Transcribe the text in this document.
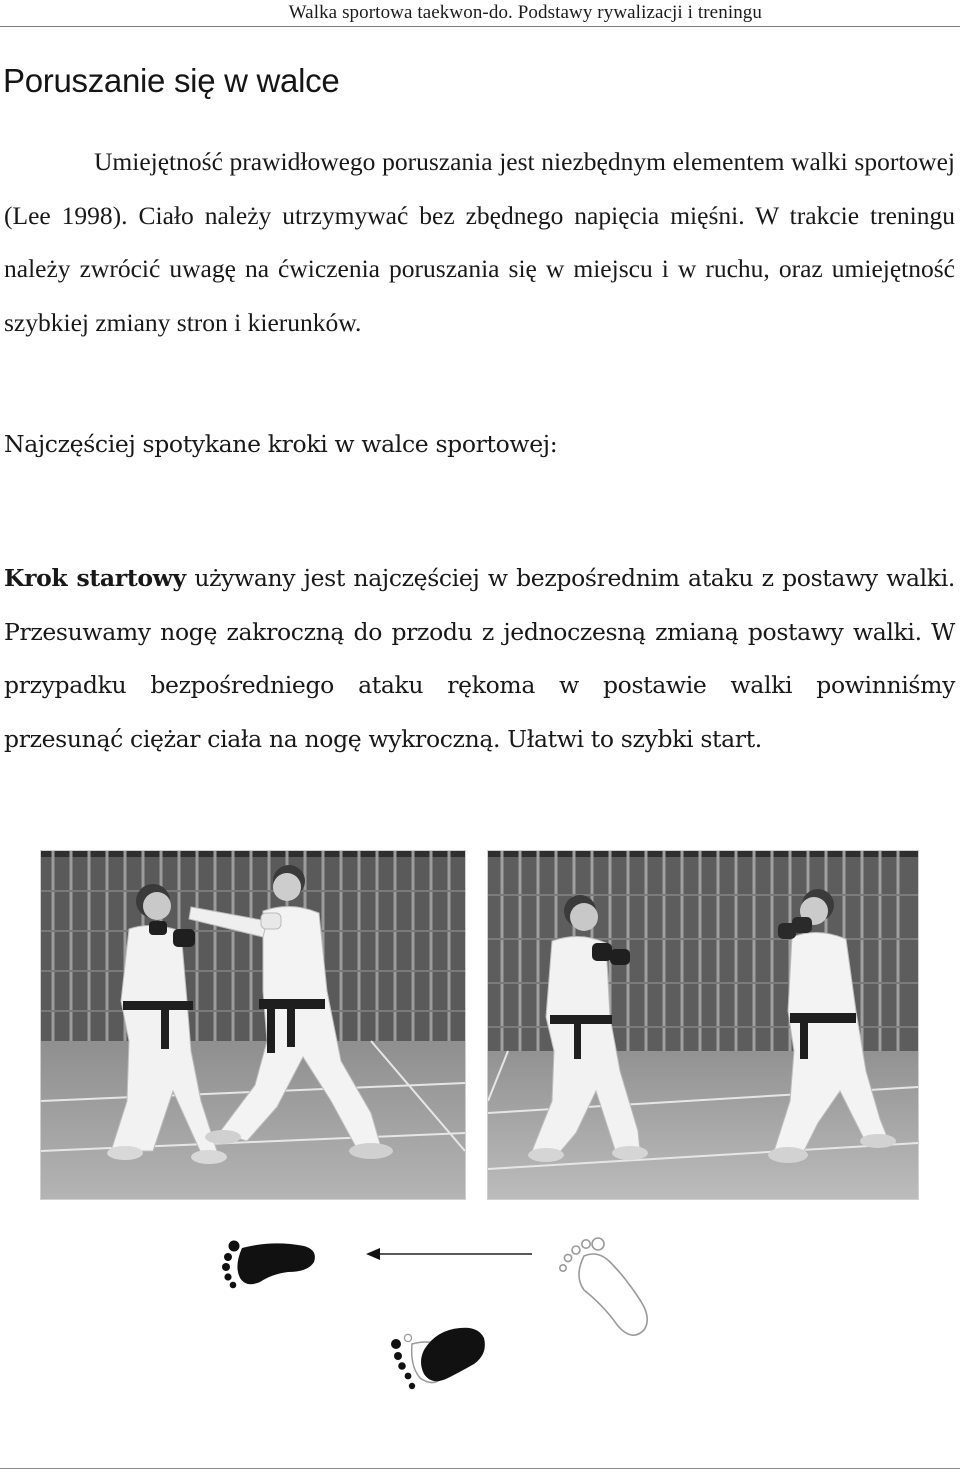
Walka sportowa taekwon-do. Podstawy rywalizacji i treningu
Poruszanie się w walce

Umiejętność prawidłowego poruszania jest niezbędnym elementem walki sportowej (Lee 1998). Ciało należy utrzymywać bez zbędnego napięcia mięśni. W trakcie treningu należy zwrócić uwagę na ćwiczenia poruszania się w miejscu i w ruchu, oraz umiejętność szybkiej zmiany stron i kierunków.

Najczęściej spotykane kroki w walce sportowej:

Krok startowy używany jest najczęściej w bezpośrednim ataku z postawy walki. Przesuwamy nogę zakroczną do przodu z jednoczesną zmianą postawy walki. W przypadku bezpośredniego ataku rękoma w postawie walki powinniśmy przesunąć ciężar ciała na nogę wykroczną. Ułatwi to szybki start.
